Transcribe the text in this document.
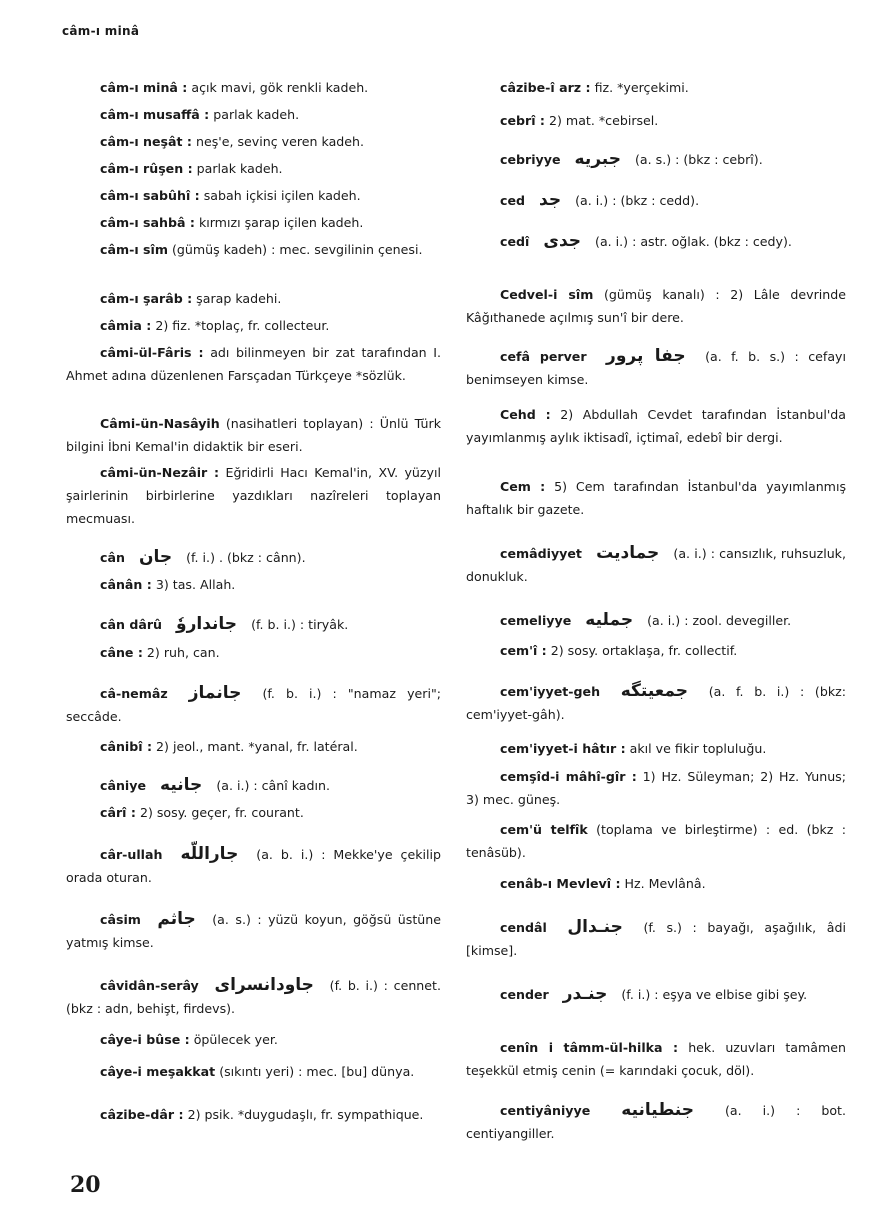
câm-ı minâ
câm-ı minâ : açık mavi, gök renkli kadeh.
câm-ı musaffâ : parlak kadeh.
câm-ı neşât : neş'e, sevinç veren kadeh.
câm-ı rûşen : parlak kadeh.
câm-ı sabûhî : sabah içkisi içilen kadeh.
câm-ı sahbâ : kırmızı şarap içilen kadeh.
câm-ı sîm (gümüş kadeh) : mec. sevgilinin çenesi.
câm-ı şarâb : şarap kadehi.
câmia : 2) fiz. *toplaç, fr. collecteur.
câmi-ül-Fâris : adı bilinmeyen bir zat tarafından I. Ahmet adına düzenlenen Farsçadan Türkçeye *sözlük.
Câmi-ün-Nasâyih (nasihatleri toplayan) : Ünlü Türk bilgini İbni Kemal'in didaktik bir eseri.
câmi-ün-Nezâir : Eğridirli Hacı Kemal'in, XV. yüzyıl şairlerinin birbirlerine yazdıkları nazîreleri toplayan mecmuası.
cân جان (f. i.) . (bkz : cânn).
cânân : 3) tas. Allah.
cân dârû جانداروٗ (f. b. i.) : tiryâk.
câne : 2) ruh, can.
câ-nemâz جانماز (f. b. i.) : "namaz yeri"; seccâde.
cânibî : 2) jeol., mant. *yanal, fr. latéral.
câniye جانيه (a. i.) : cânî kadın.
cârî : 2) sosy. geçer, fr. courant.
câr-ullah جاراللّه (a. b. i.) : Mekke'ye çekilip orada oturan.
câsim جاثم (a. s.) : yüzü koyun, göğsü üstüne yatmış kimse.
câvidân-serây جاودانسراى (f. b. i.) : cennet. (bkz : adn, behişt, firdevs).
câye-i bûse : öpülecek yer.
câye-i meşakkat (sıkıntı yeri) : mec. [bu] dünya.
câzibe-dâr : 2) psik. *duygudaşlı, fr. sympathique.
câzibe-î arz : fiz. *yerçekimi.
cebrî : 2) mat. *cebirsel.
cebriyye جبريه (a. s.) : (bkz : cebrî).
ced جد (a. i.) : (bkz : cedd).
cedî جدى (a. i.) : astr. oğlak. (bkz : cedy).
Cedvel-i sîm (gümüş kanalı) : 2) Lâle devrinde Kâğıthanede açılmış sun'î bir dere.
cefâ perver جفا پرور (a. f. b. s.) : cefayı benimseyen kimse.
Cehd : 2) Abdullah Cevdet tarafından İstanbul'da yayımlanmış aylık iktisadî, içtimaî, edebî bir dergi.
Cem : 5) Cem tarafından İstanbul'da yayımlanmış haftalık bir gazete.
cemâdiyyet جماديت (a. i.) : cansızlık, ruhsuzluk, donukluk.
cemeliyye جمليه (a. i.) : zool. devegiller.
cem'î : 2) sosy. ortaklaşa, fr. collectif.
cem'iyyet-geh جمعيتگه (a. f. b. i.) : (bkz: cem'iyyet-gâh).
cem'iyyet-i hâtır : akıl ve fikir topluluğu.
cemşîd-i mâhî-gîr : 1) Hz. Süleyman; 2) Hz. Yunus; 3) mec. güneş.
cem'ü telfîk (toplama ve birleştirme) : ed. (bkz : tenâsüb).
cenâb-ı Mevlevî : Hz. Mevlânâ.
cendâl جنـدال (f. s.) : bayağı, aşağılık, âdi [kimse].
cender جنـدر (f. i.) : eşya ve elbise gibi şey.
cenîn i tâmm-ül-hilka : hek. uzuvları tamâmen teşekkül etmiş cenin (= karındaki çocuk, döl).
centiyâniyye جنطيانيه (a. i.) : bot. centiyangiller.
20
